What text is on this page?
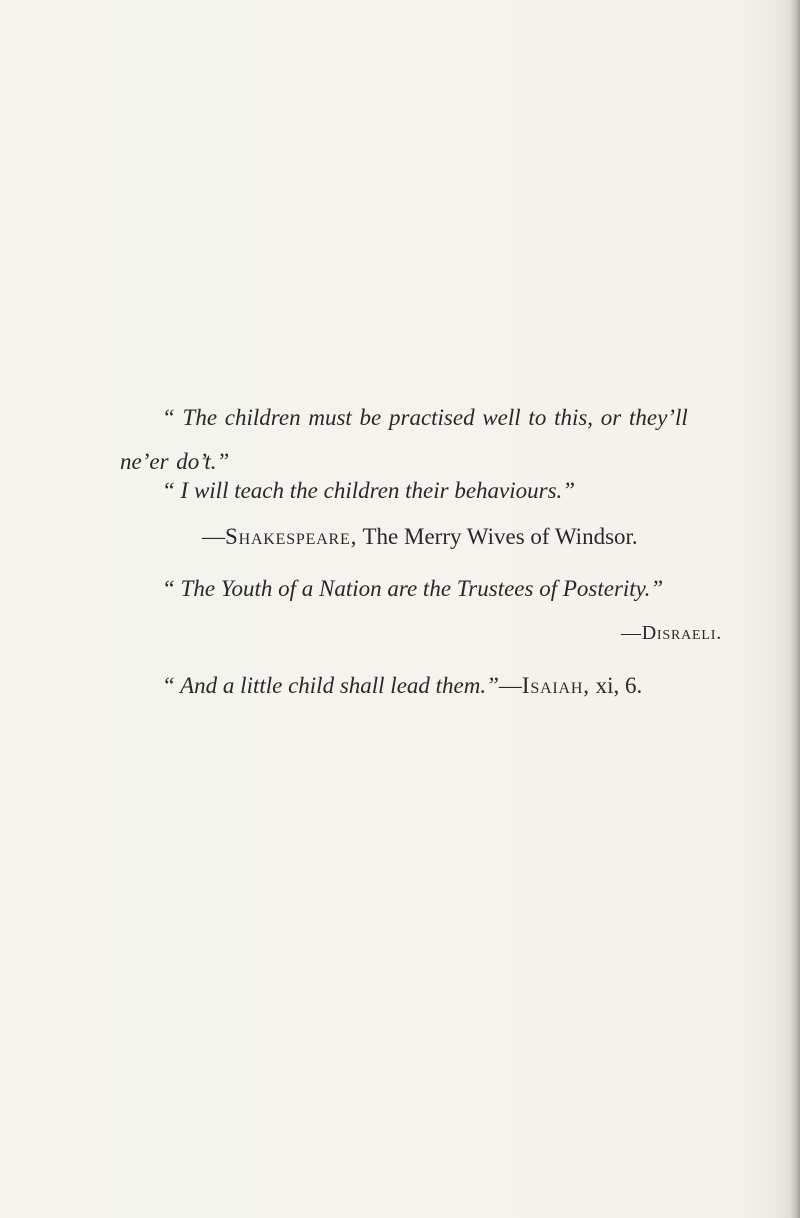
“ The children must be practised well to this, or they’ll
ne’er do’t.”
“ I will teach the children their behaviours.”
—Shakespeare, The Merry Wives of Windsor.
“ The Youth of a Nation are the Trustees of Posterity.”
—Disraeli.
“ And a little child shall lead them.”—Isaiah, xi, 6.
